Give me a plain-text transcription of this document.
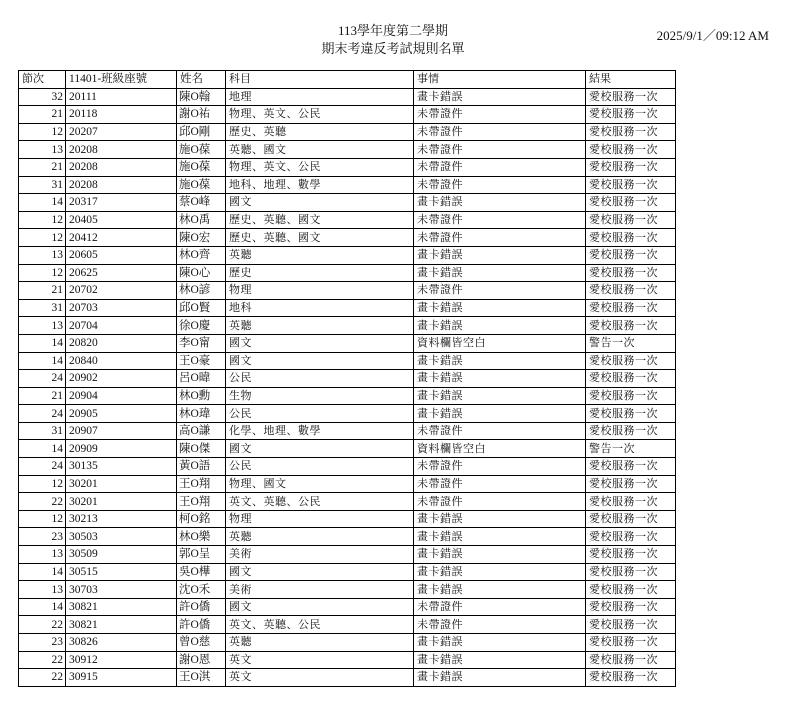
113學年度第二學期
期末考違反考試規則名單
2025/9/1／09:12 AM
節次	11401-班級座號	姓名	科目	事情	結果
32	20111	陳O翰	地理	畫卡錯誤	愛校服務一次
21	20118	謝O祐	物理、英文、公民	未帶證件	愛校服務一次
12	20207	邱O剛	歷史、英聽	未帶證件	愛校服務一次
13	20208	施O葆	英聽、國文	未帶證件	愛校服務一次
21	20208	施O葆	物理、英文、公民	未帶證件	愛校服務一次
31	20208	施O葆	地科、地理、數學	未帶證件	愛校服務一次
14	20317	蔡O峰	國文	畫卡錯誤	愛校服務一次
12	20405	林O禹	歷史、英聽、國文	未帶證件	愛校服務一次
12	20412	陳O宏	歷史、英聽、國文	未帶證件	愛校服務一次
13	20605	林O齊	英聽	畫卡錯誤	愛校服務一次
12	20625	陳O心	歷史	畫卡錯誤	愛校服務一次
21	20702	林O諺	物理	未帶證件	愛校服務一次
31	20703	邱O賢	地科	畫卡錯誤	愛校服務一次
13	20704	徐O慶	英聽	畫卡錯誤	愛校服務一次
14	20820	李O甯	國文	資料欄皆空白	警告一次
14	20840	王O豪	國文	畫卡錯誤	愛校服務一次
24	20902	呂O暐	公民	畫卡錯誤	愛校服務一次
21	20904	林O勳	生物	畫卡錯誤	愛校服務一次
24	20905	林O瑋	公民	畫卡錯誤	愛校服務一次
31	20907	高O謙	化學、地理、數學	未帶證件	愛校服務一次
14	20909	陳O傑	國文	資料欄皆空白	警告一次
24	30135	黃O語	公民	未帶證件	愛校服務一次
12	30201	王O翔	物理、國文	未帶證件	愛校服務一次
22	30201	王O翔	英文、英聽、公民	未帶證件	愛校服務一次
12	30213	柯O銘	物理	畫卡錯誤	愛校服務一次
23	30503	林O樂	英聽	畫卡錯誤	愛校服務一次
13	30509	郭O呈	美術	畫卡錯誤	愛校服務一次
14	30515	吳O樺	國文	畫卡錯誤	愛校服務一次
13	30703	沈O禾	美術	畫卡錯誤	愛校服務一次
14	30821	許O僑	國文	未帶證件	愛校服務一次
22	30821	許O僑	英文、英聽、公民	未帶證件	愛校服務一次
23	30826	曾O慈	英聽	畫卡錯誤	愛校服務一次
22	30912	謝O恩	英文	畫卡錯誤	愛校服務一次
22	30915	王O淇	英文	畫卡錯誤	愛校服務一次
